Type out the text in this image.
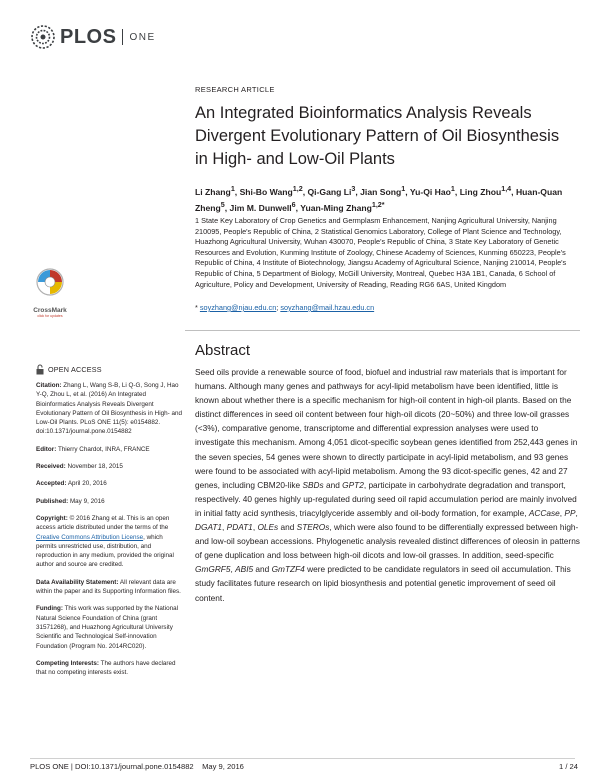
PLOS ONE
RESEARCH ARTICLE
An Integrated Bioinformatics Analysis Reveals Divergent Evolutionary Pattern of Oil Biosynthesis in High- and Low-Oil Plants
Li Zhang$^1$, Shi-Bo Wang$^{1,2}$, Qi-Gang Li$^3$, Jian Song$^1$, Yu-Qi Hao$^1$, Ling Zhou$^{1,4}$, Huan-Quan Zheng$^5$, Jim M. Dunwell$^6$, Yuan-Ming Zhang$^{1,2*}$
1 State Key Laboratory of Crop Genetics and Germplasm Enhancement, Nanjing Agricultural University, Nanjing 210095, People's Republic of China, 2 Statistical Genomics Laboratory, College of Plant Science and Technology, Huazhong Agricultural University, Wuhan 430070, People's Republic of China, 3 State Key Laboratory of Genetic Resources and Evolution, Kunming Institute of Zoology, Chinese Academy of Sciences, Kunming 650223, People's Republic of China, 4 Institute of Biotechnology, Jiangsu Academy of Agricultural Science, Nanjing 210014, People's Republic of China, 5 Department of Biology, McGill University, Montreal, Quebec H3A 1B1, Canada, 6 School of Agriculture, Policy and Development, University of Reading, Reading RG6 6AS, United Kingdom
* soyzhang@njau.edu.cn; soyzhang@mail.hzau.edu.cn
CrossMark
click for updates
OPEN ACCESS

Citation: Zhang L, Wang S-B, Li Q-G, Song J, Hao Y-Q, Zhou L, et al. (2016) An Integrated Bioinformatics Analysis Reveals Divergent Evolutionary Pattern of Oil Biosynthesis in High- and Low-Oil Plants. PLoS ONE 11(5): e0154882. doi:10.1371/journal.pone.0154882

Editor: Thierry Chardot, INRA, FRANCE

Received: November 18, 2015

Accepted: April 20, 2016

Published: May 9, 2016

Copyright: © 2016 Zhang et al. This is an open access article distributed under the terms of the Creative Commons Attribution License, which permits unrestricted use, distribution, and reproduction in any medium, provided the original author and source are credited.

Data Availability Statement: All relevant data are within the paper and its Supporting Information files.

Funding: This work was supported by the National Natural Science Foundation of China (grant 31571268), and Huazhong Agricultural University Scientific and Technological Self-innovation Foundation (Program No. 2014RC020).

Competing Interests: The authors have declared that no competing interests exist.

Abstract
Seed oils provide a renewable source of food, biofuel and industrial raw materials that is important for humans. Although many genes and pathways for acyl-lipid metabolism have been identified, little is known about whether there is a specific mechanism for high-oil content in high-oil plants. Based on the distinct differences in seed oil content between four high-oil dicots (20~50%) and three low-oil grasses (<3%), comparative genome, transcriptome and differential expression analyses were used to investigate this mechanism. Among 4,051 dicot-specific soybean genes identified from 252,443 genes in the seven species, 54 genes were shown to directly participate in acyl-lipid metabolism, and 93 genes were found to be associated with acyl-lipid metabolism. Among the 93 dicot-specific genes, 42 and 27 genes, including CBM20-like SBDs and GPT2, participate in carbohydrate degradation and transport, respectively. 40 genes highly up-regulated during seed oil rapid accumulation period are mainly involved in initial fatty acid synthesis, triacylglyceride assembly and oil-body formation, for example, ACCase, PP, DGAT1, PDAT1, OLEs and STEROs, which were also found to be differentially expressed between high- and low-oil soybean accessions. Phylogenetic analysis revealed distinct differences of oleosin in patterns of gene duplication and loss between high-oil dicots and low-oil grasses. In addition, seed-specific GmGRF5, ABI5 and GmTZF4 were predicted to be candidate regulators in seed oil accumulation. This study facilitates future research on lipid biosynthesis and potential genetic improvement of seed oil content.
PLOS ONE | DOI:10.1371/journal.pone.0154882    May 9, 2016	1 / 24
